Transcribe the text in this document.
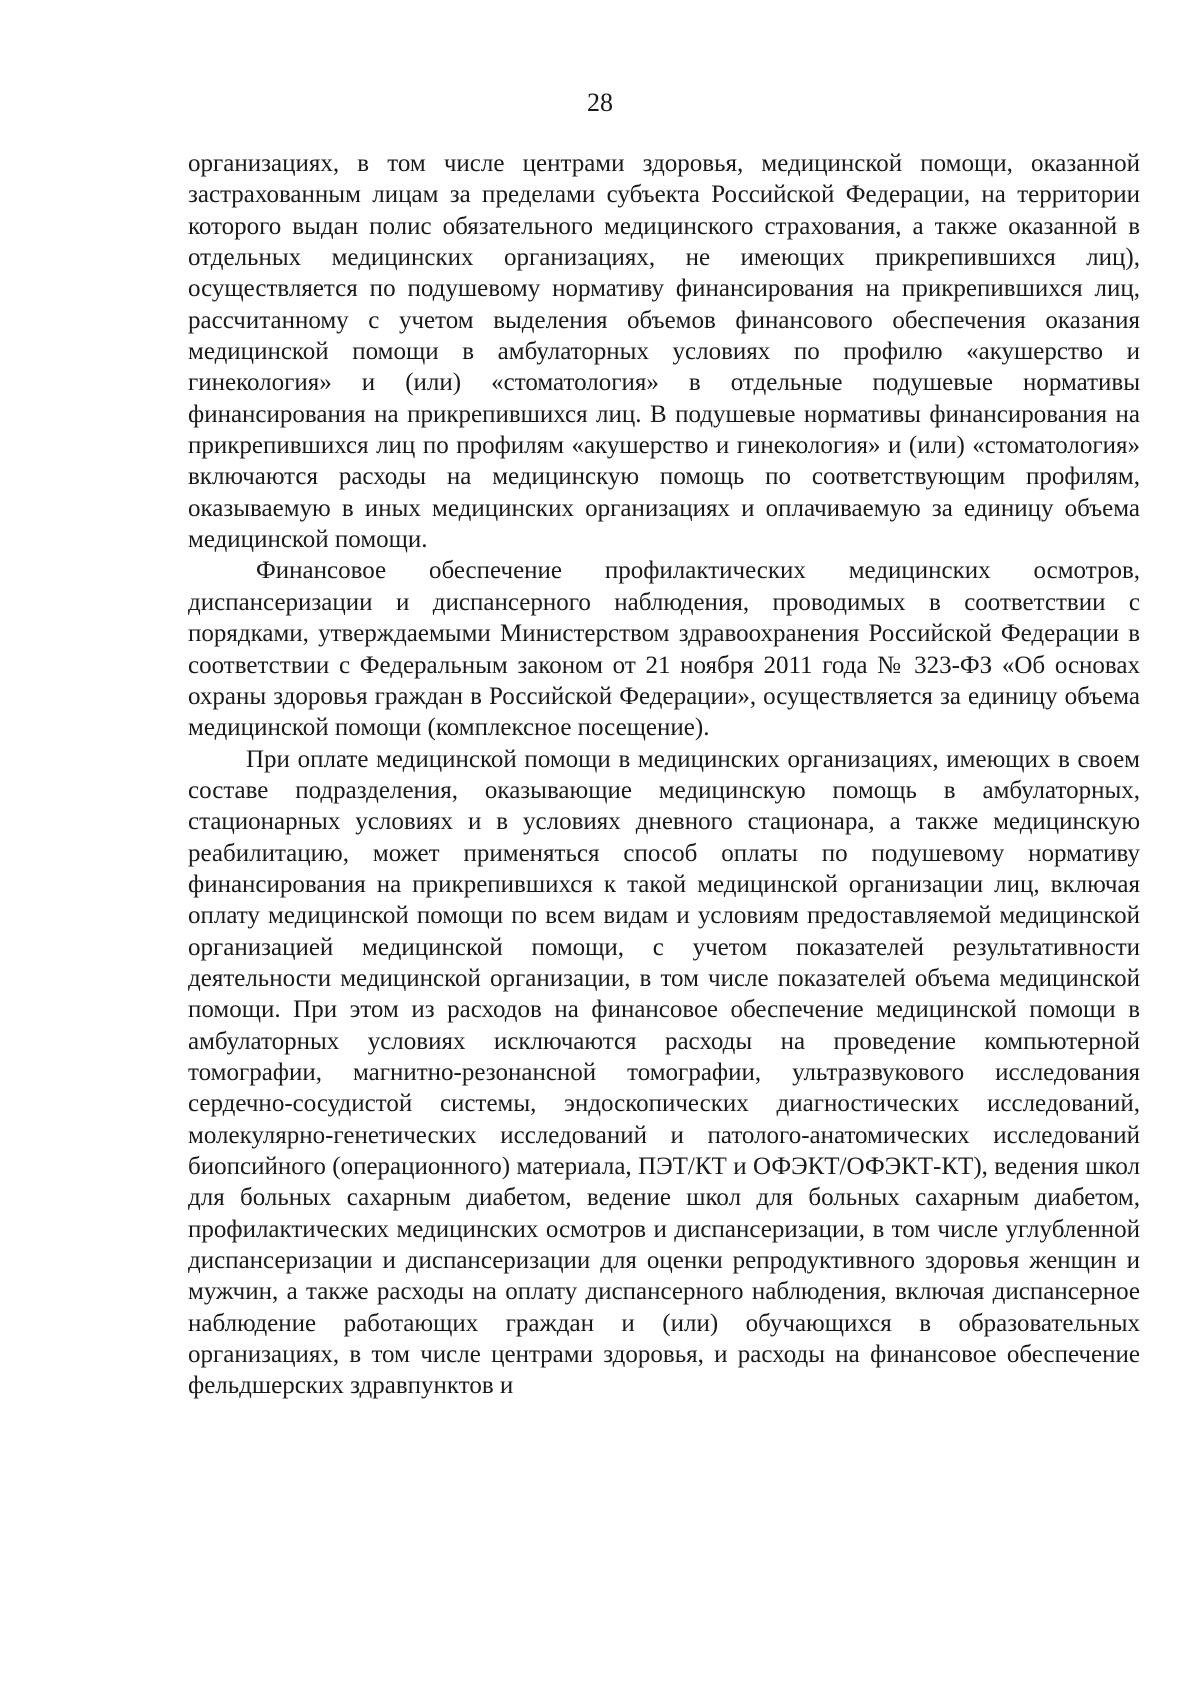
28

организациях, в том числе центрами здоровья, медицинской помощи, оказанной застрахованным лицам за пределами субъекта Российской Федерации, на территории которого выдан полис обязательного медицинского страхования, а также оказанной в отдельных медицинских организациях, не имеющих прикрепившихся лиц), осуществляется по подушевому нормативу финансирования на прикрепившихся лиц, рассчитанному с учетом выделения объемов финансового обеспечения оказания медицинской помощи в амбулаторных условиях по профилю «акушерство и гинекология» и (или) «стоматология» в отдельные подушевые нормативы финансирования на прикрепившихся лиц. В подушевые нормативы финансирования на прикрепившихся лиц по профилям «акушерство и гинекология» и (или) «стоматология» включаются расходы на медицинскую помощь по соответствующим профилям, оказываемую в иных медицинских организациях и оплачиваемую за единицу объема медицинской помощи.

Финансовое обеспечение профилактических медицинских осмотров, диспансеризации и диспансерного наблюдения, проводимых в соответствии с порядками, утверждаемыми Министерством здравоохранения Российской Федерации в соответствии с Федеральным законом от 21 ноября 2011 года № 323-ФЗ «Об основах охраны здоровья граждан в Российской Федерации», осуществляется за единицу объема медицинской помощи (комплексное посещение).

При оплате медицинской помощи в медицинских организациях, имеющих в своем составе подразделения, оказывающие медицинскую помощь в амбулаторных, стационарных условиях и в условиях дневного стационара, а также медицинскую реабилитацию, может применяться способ оплаты по подушевому нормативу финансирования на прикрепившихся к такой медицинской организации лиц, включая оплату медицинской помощи по всем видам и условиям предоставляемой медицинской организацией медицинской помощи, с учетом показателей результативности деятельности медицинской организации, в том числе показателей объема медицинской помощи. При этом из расходов на финансовое обеспечение медицинской помощи в амбулаторных условиях исключаются расходы на проведение компьютерной томографии, магнитно-резонансной томографии, ультразвукового исследования сердечно-сосудистой системы, эндоскопических диагностических исследований, молекулярно-генетических исследований и патолого-анатомических исследований биопсийного (операционного) материала, ПЭТ/КТ и ОФЭКТ/ОФЭКТ-КТ), ведения школ для больных сахарным диабетом, ведение школ для больных сахарным диабетом, профилактических медицинских осмотров и диспансеризации, в том числе углубленной диспансеризации и диспансеризации для оценки репродуктивного здоровья женщин и мужчин, а также расходы на оплату диспансерного наблюдения, включая диспансерное наблюдение работающих граждан и (или) обучающихся в образовательных организациях, в том числе центрами здоровья, и расходы на финансовое обеспечение фельдшерских здравпунктов и
